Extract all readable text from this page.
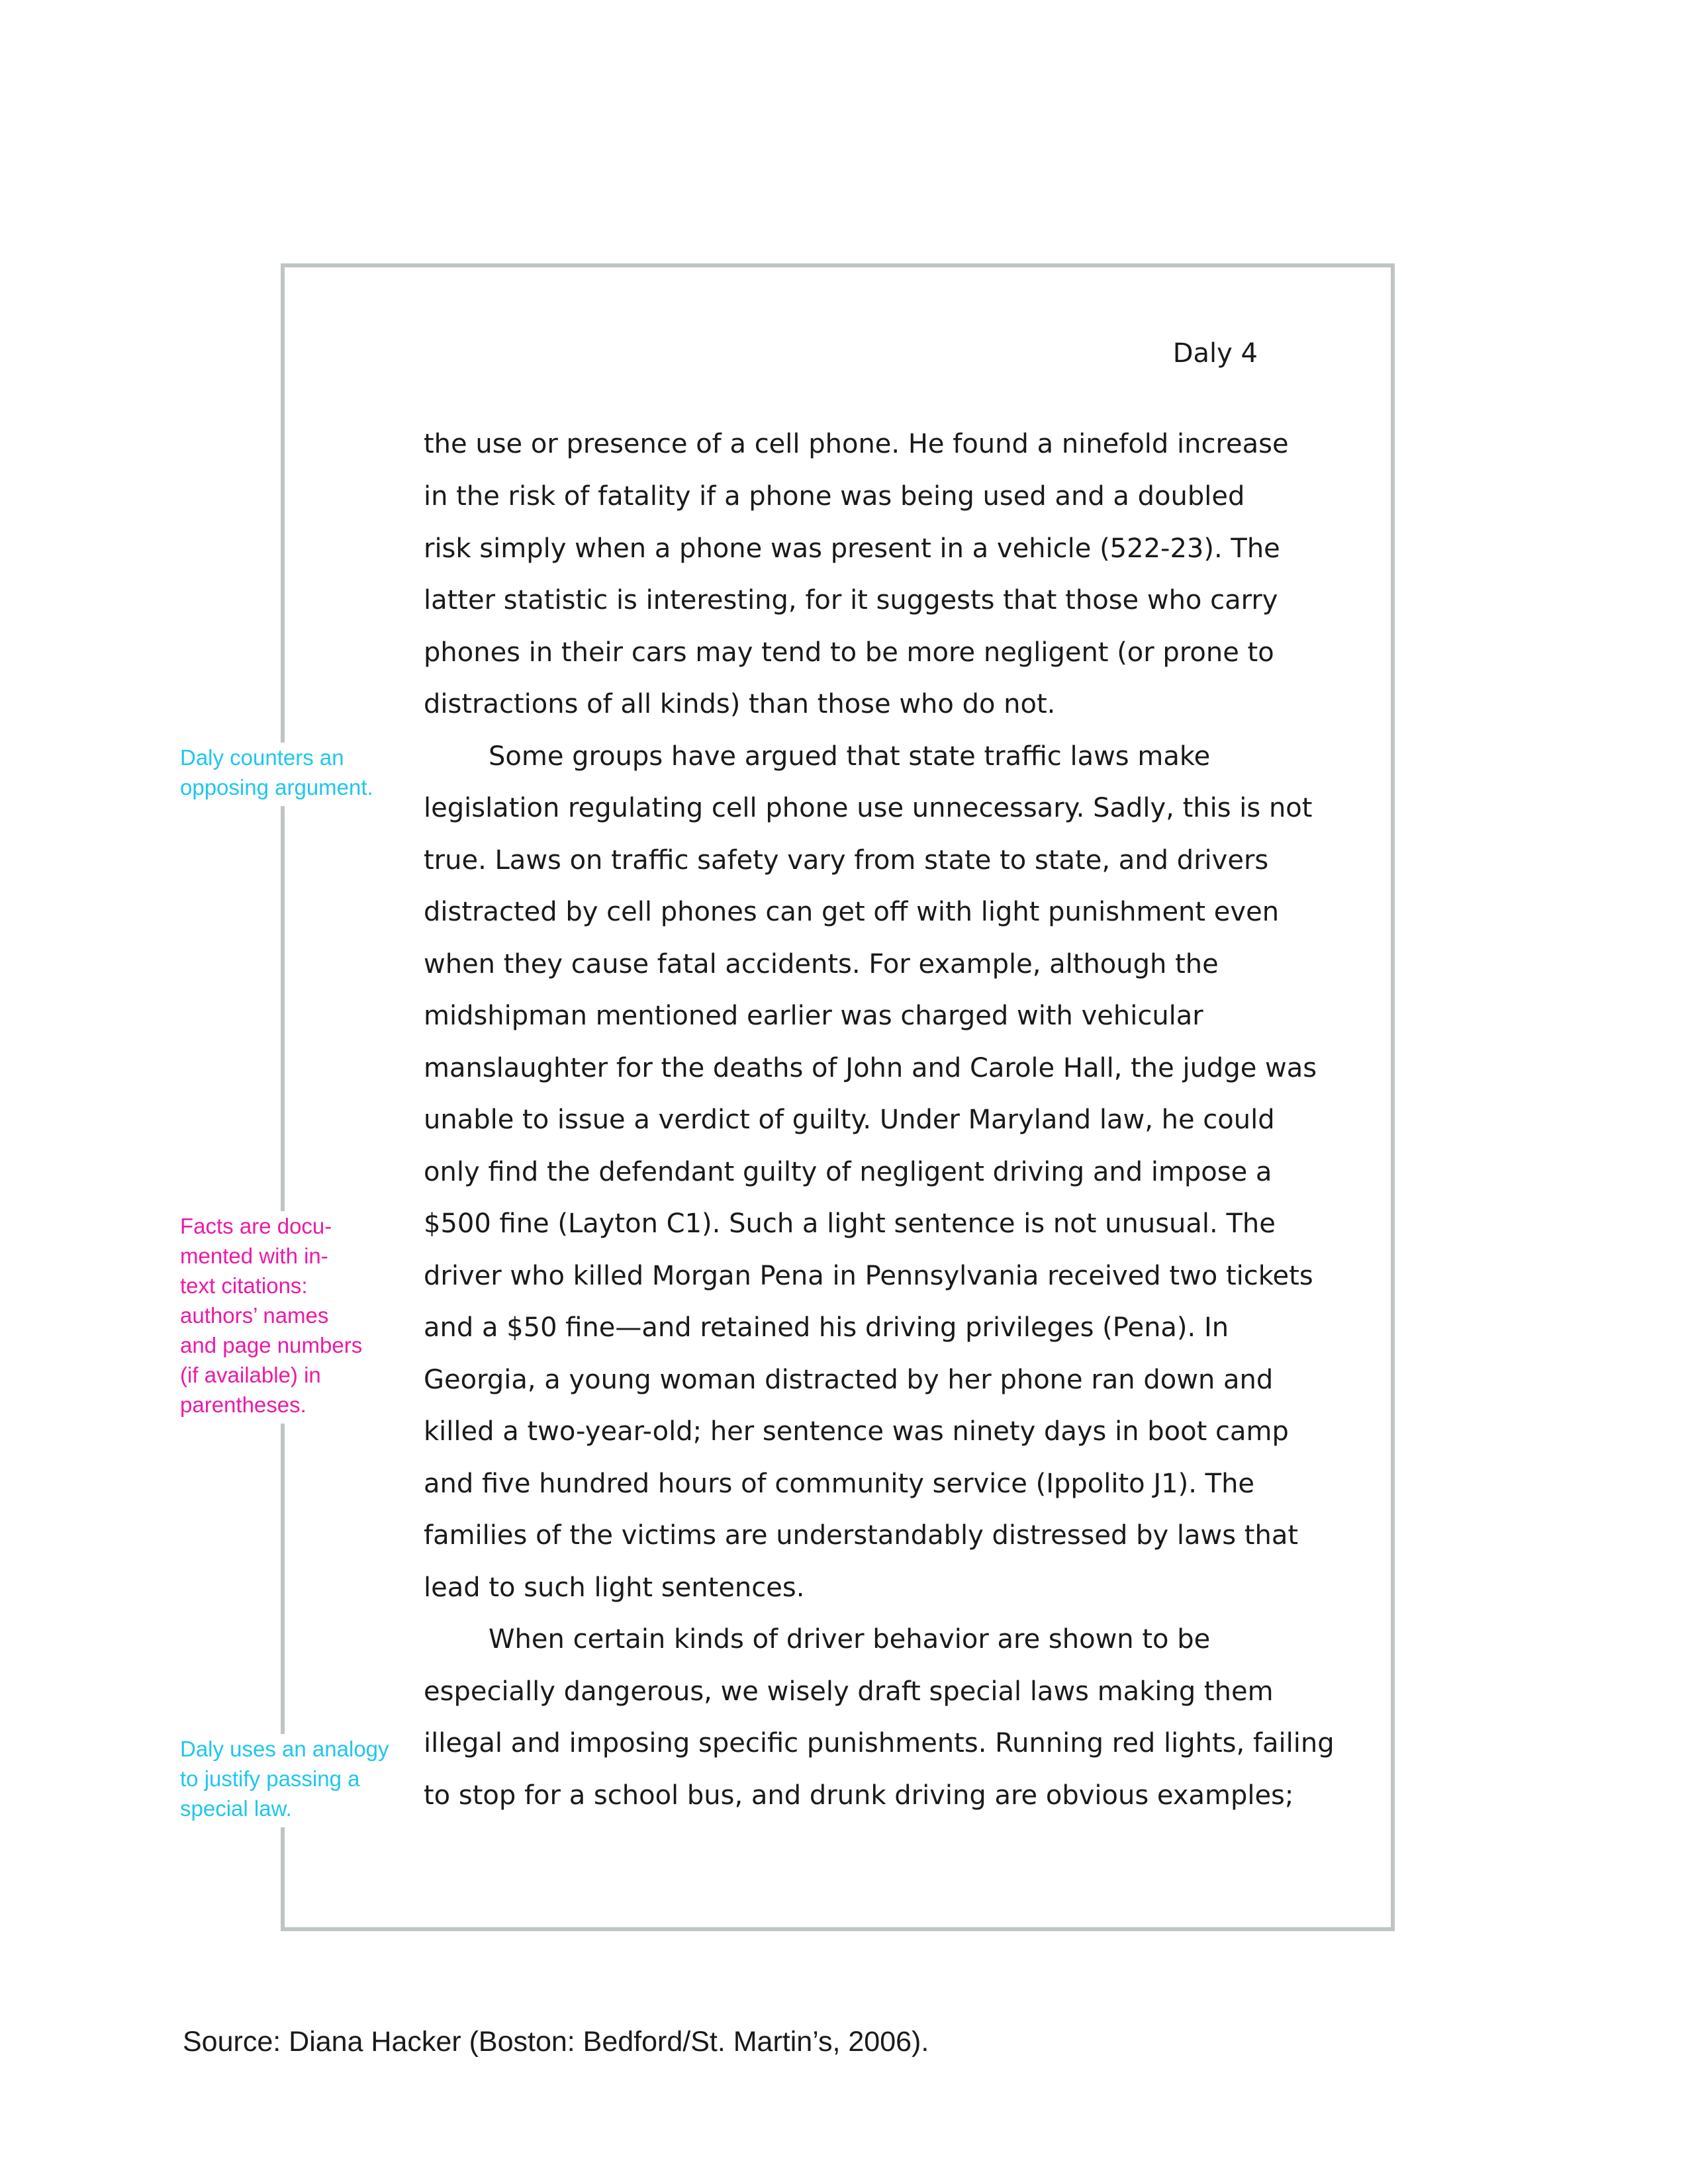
Daly 4
the use or presence of a cell phone. He found a ninefold increase
in the risk of fatality if a phone was being used and a doubled
risk simply when a phone was present in a vehicle (522-23). The
latter statistic is interesting, for it suggests that those who carry
phones in their cars may tend to be more negligent (or prone to
distractions of all kinds) than those who do not.
Some groups have argued that state traffic laws make
legislation regulating cell phone use unnecessary. Sadly, this is not
true. Laws on traffic safety vary from state to state, and drivers
distracted by cell phones can get off with light punishment even
when they cause fatal accidents. For example, although the
midshipman mentioned earlier was charged with vehicular
manslaughter for the deaths of John and Carole Hall, the judge was
unable to issue a verdict of guilty. Under Maryland law, he could
only find the defendant guilty of negligent driving and impose a
$500 fine (Layton C1). Such a light sentence is not unusual. The
driver who killed Morgan Pena in Pennsylvania received two tickets
and a $50 fine—and retained his driving privileges (Pena). In
Georgia, a young woman distracted by her phone ran down and
killed a two-year-old; her sentence was ninety days in boot camp
and five hundred hours of community service (Ippolito J1). The
families of the victims are understandably distressed by laws that
lead to such light sentences.
When certain kinds of driver behavior are shown to be
especially dangerous, we wisely draft special laws making them
illegal and imposing specific punishments. Running red lights, failing
to stop for a school bus, and drunk driving are obvious examples;
Daly counters an
opposing argument.
Facts are docu-
mented with in-
text citations:
authors’ names
and page numbers
(if available) in
parentheses.
Daly uses an analogy
to justify passing a
special law.
Source: Diana Hacker (Boston: Bedford/St. Martin’s, 2006).
